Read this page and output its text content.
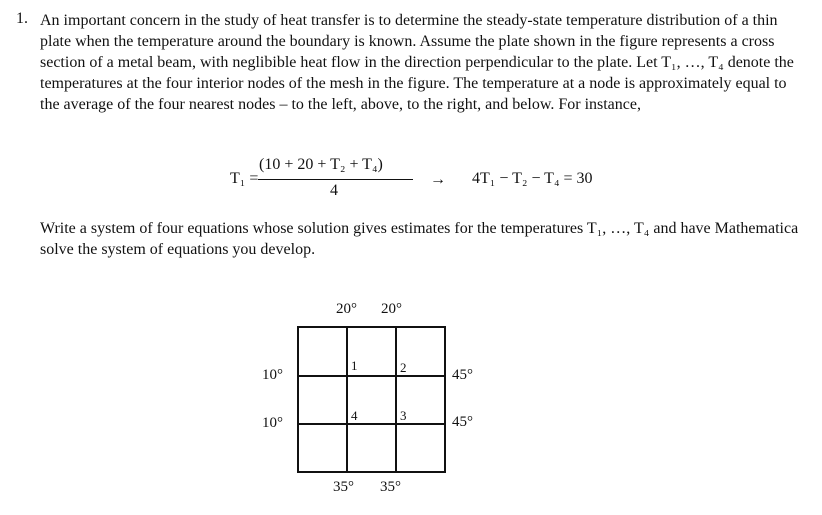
1. An important concern in the study of heat transfer is to determine the steady-state temperature distribution of a thin plate when the temperature around the boundary is known. Assume the plate shown in the figure represents a cross section of a metal beam, with neglibible heat flow in the direction perpendicular to the plate. Let T₁, …, T₄ denote the temperatures at the four interior nodes of the mesh in the figure. The temperature at a node is approximately equal to the average of the four nearest nodes – to the left, above, to the right, and below. For instance,
T₁ =
(10 + 20 + T₂ + T₄)
4
→ 4T₁ − T₂ − T₄ = 30
Write a system of four equations whose solution gives estimates for the temperatures T₁, …, T₄ and have Mathematica solve the system of equations you develop.
20° 20°
10°
10°
45°
45°
35° 35°
1	2
4	3
